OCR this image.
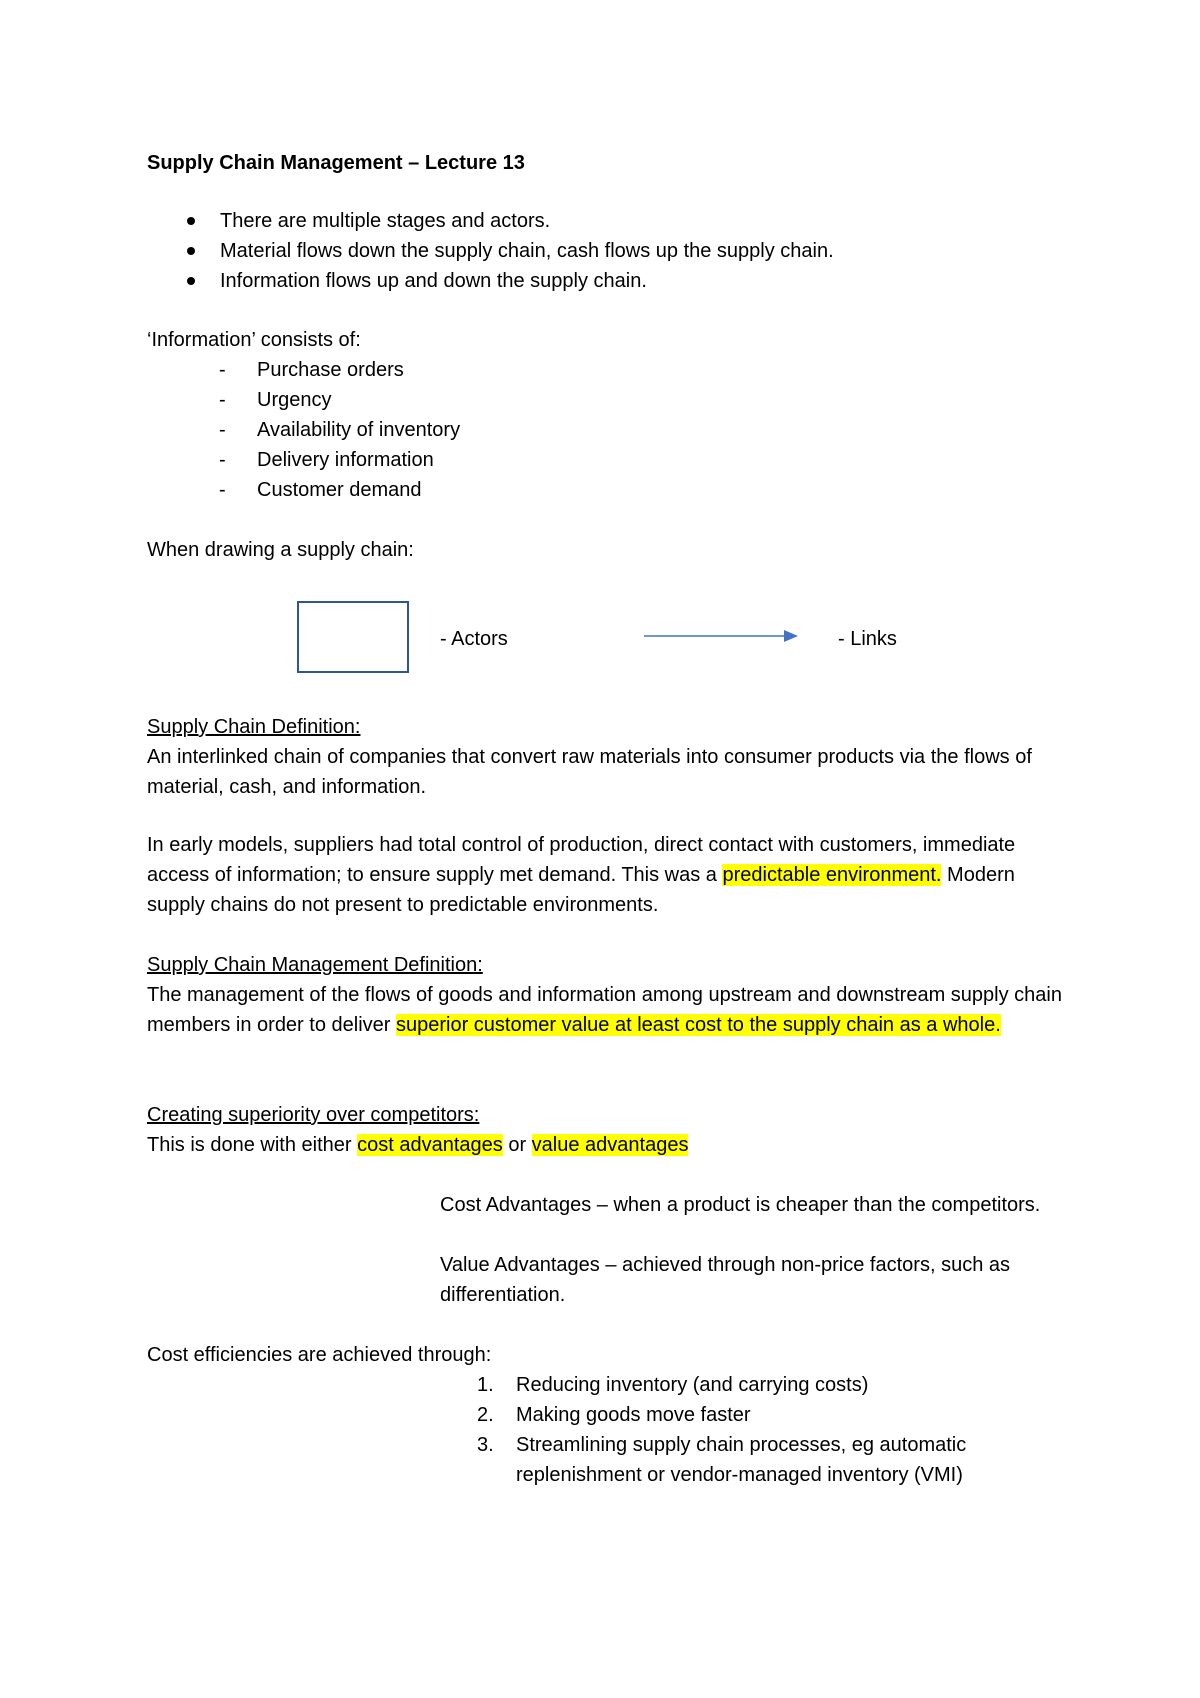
Supply Chain Management – Lecture 13

There are multiple stages and actors.
Material flows down the supply chain, cash flows up the supply chain.
Information flows up and down the supply chain.

‘Information’ consists of:

- Purchase orders
- Urgency
- Availability of inventory
- Delivery information
- Customer demand

When drawing a supply chain:

- Actors	- Links

Supply Chain Definition:

An interlinked chain of companies that convert raw materials into consumer products via the flows of material, cash, and information.

In early models, suppliers had total control of production, direct contact with customers, immediate access of information; to ensure supply met demand. This was a predictable environment. Modern supply chains do not present to predictable environments.

Supply Chain Management Definition:

The management of the flows of goods and information among upstream and downstream supply chain members in order to deliver superior customer value at least cost to the supply chain as a whole.

Creating superiority over competitors:

This is done with either cost advantages or value advantages

Cost Advantages – when a product is cheaper than the competitors.

Value Advantages – achieved through non-price factors, such as differentiation.

Cost efficiencies are achieved through:

1. Reducing inventory (and carrying costs)
2. Making goods move faster
3. Streamlining supply chain processes, eg automatic replenishment or vendor-managed inventory (VMI)
